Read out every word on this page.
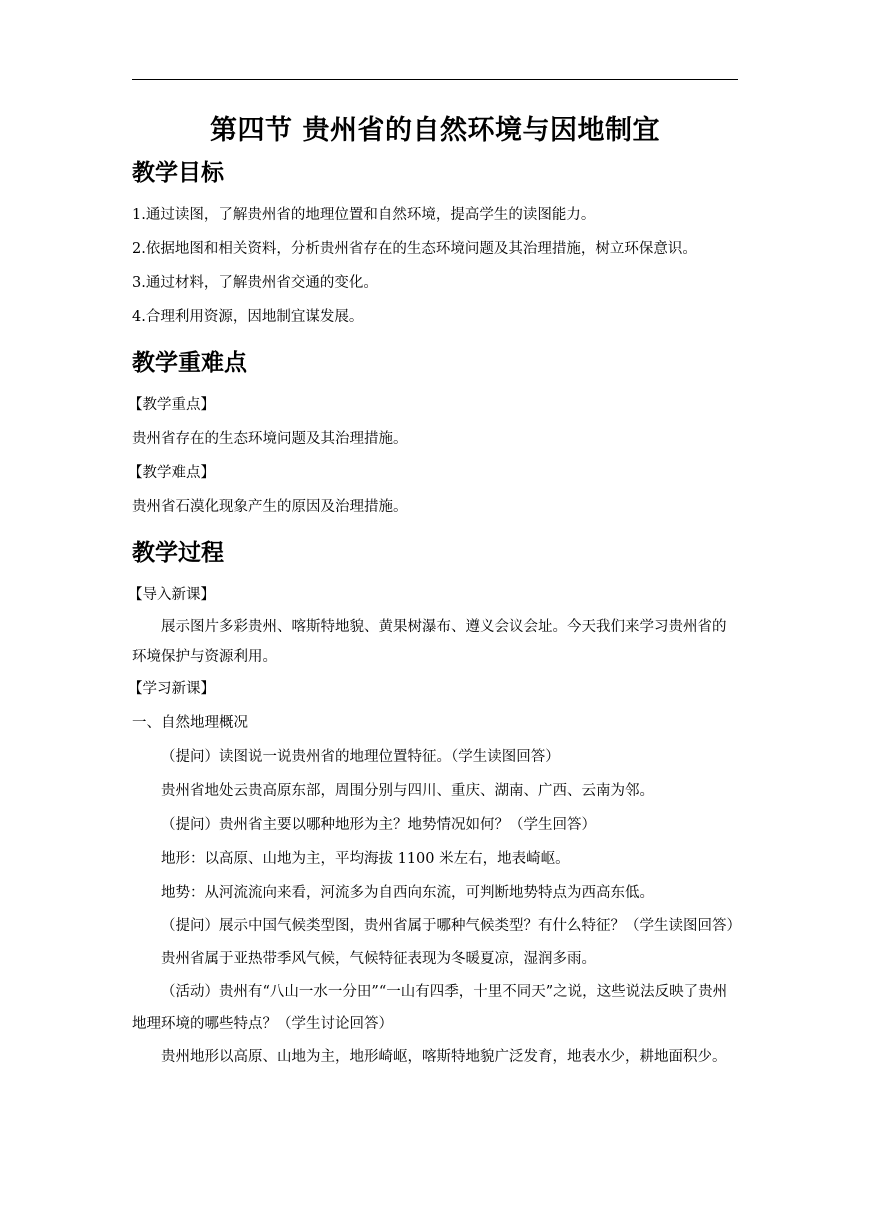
第四节 贵州省的自然环境与因地制宜
教学目标

1.通过读图，了解贵州省的地理位置和自然环境，提高学生的读图能力。

2.依据地图和相关资料，分析贵州省存在的生态环境问题及其治理措施，树立环保意识。

3.通过材料，了解贵州省交通的变化。

4.合理利用资源，因地制宜谋发展。

教学重难点

【教学重点】

贵州省存在的生态环境问题及其治理措施。

【教学难点】

贵州省石漠化现象产生的原因及治理措施。

教学过程

【导入新课】

展示图片多彩贵州、喀斯特地貌、黄果树瀑布、遵义会议会址。今天我们来学习贵州省的环境保护与资源利用。

【学习新课】

一、自然地理概况

（提问）读图说一说贵州省的地理位置特征。（学生读图回答）

贵州省地处云贵高原东部，周围分别与四川、重庆、湖南、广西、云南为邻。

（提问）贵州省主要以哪种地形为主？地势情况如何？（学生回答）

地形：以高原、山地为主，平均海拔 1100 米左右，地表崎岖。

地势：从河流流向来看，河流多为自西向东流，可判断地势特点为西高东低。

（提问）展示中国气候类型图，贵州省属于哪种气候类型？有什么特征？（学生读图回答）

贵州省属于亚热带季风气候，气候特征表现为冬暖夏凉，湿润多雨。

（活动）贵州有“八山一水一分田”“一山有四季，十里不同天”之说，这些说法反映了贵州地理环境的哪些特点？（学生讨论回答）

贵州地形以高原、山地为主，地形崎岖，喀斯特地貌广泛发育，地表水少，耕地面积少。
